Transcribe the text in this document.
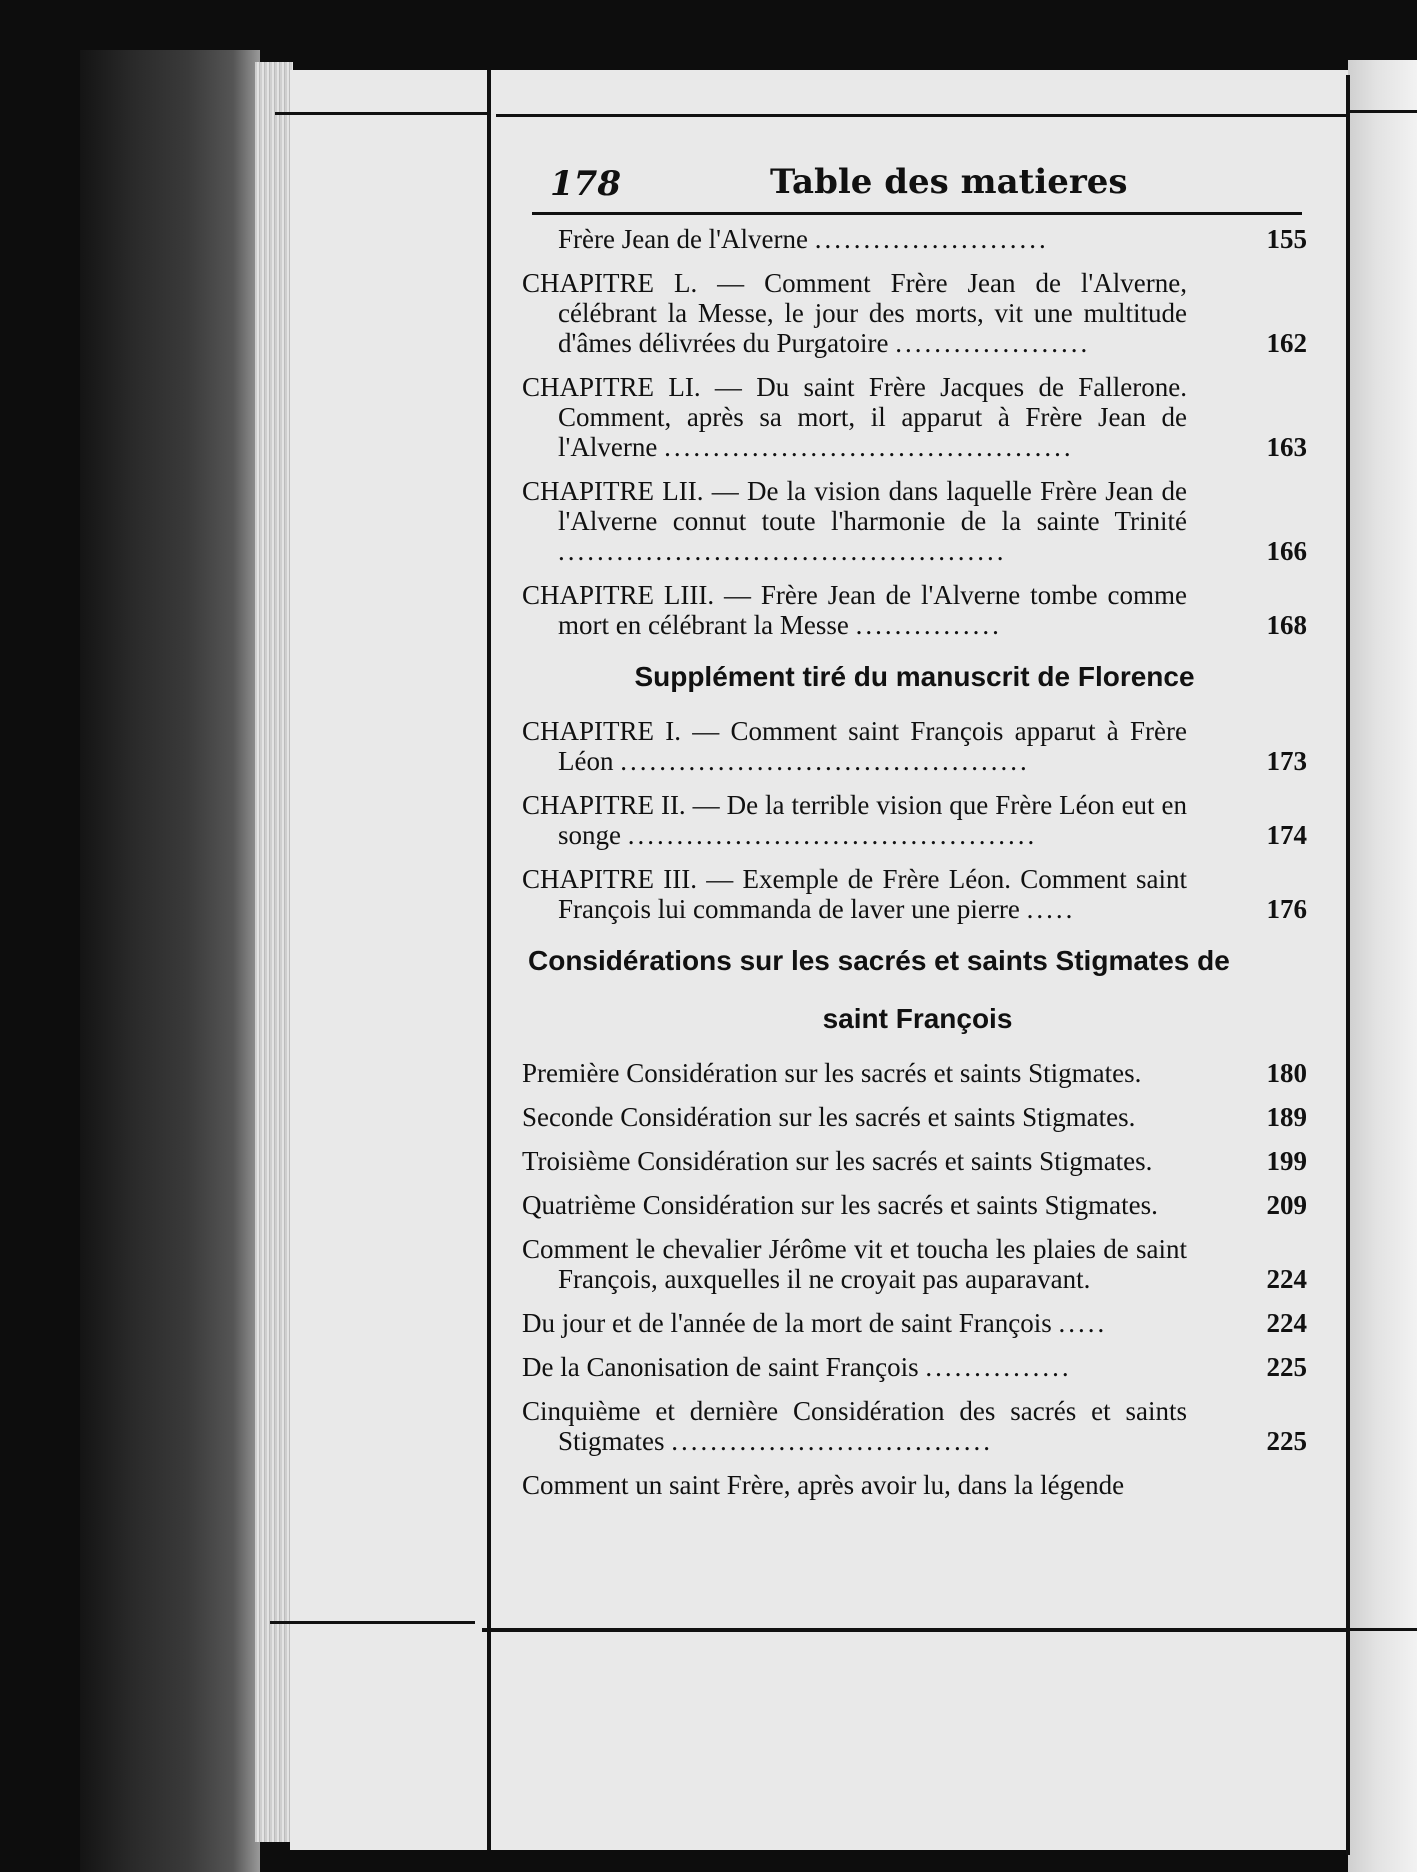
178	Table des matieres
Frère Jean de l'Alverne ........................	155
CHAPITRE L. — Comment Frère Jean de l'Alverne, célébrant la Messe, le jour des morts, vit une multitude d'âmes délivrées du Purgatoire ....................	162
CHAPITRE LI. — Du saint Frère Jacques de Fallerone. Comment, après sa mort, il apparut à Frère Jean de l'Alverne ..........................................	163
CHAPITRE LII. — De la vision dans laquelle Frère Jean de l'Alverne connut toute l'harmonie de la sainte Trinité ..............................................	166
CHAPITRE LIII. — Frère Jean de l'Alverne tombe comme mort en célébrant la Messe ...............	168
Supplément tiré du manuscrit de Florence
CHAPITRE I. — Comment saint François apparut à Frère Léon ..........................................	173
CHAPITRE II. — De la terrible vision que Frère Léon eut en songe ..........................................	174
CHAPITRE III. — Exemple de Frère Léon. Comment saint François lui commanda de laver une pierre .....	176
Considérations sur les sacrés et saints Stigmates de
saint François
Première Considération sur les sacrés et saints Stigmates.	180
Seconde Considération sur les sacrés et saints Stigmates.	189
Troisième Considération sur les sacrés et saints Stigmates.	199
Quatrième Considération sur les sacrés et saints Stigmates.	209
Comment le chevalier Jérôme vit et toucha les plaies de saint François, auxquelles il ne croyait pas auparavant.	224
Du jour et de l'année de la mort de saint François .....	224
De la Canonisation de saint François ...............	225
Cinquième et dernière Considération des sacrés et saints Stigmates .................................	225
Comment un saint Frère, après avoir lu, dans la légende
